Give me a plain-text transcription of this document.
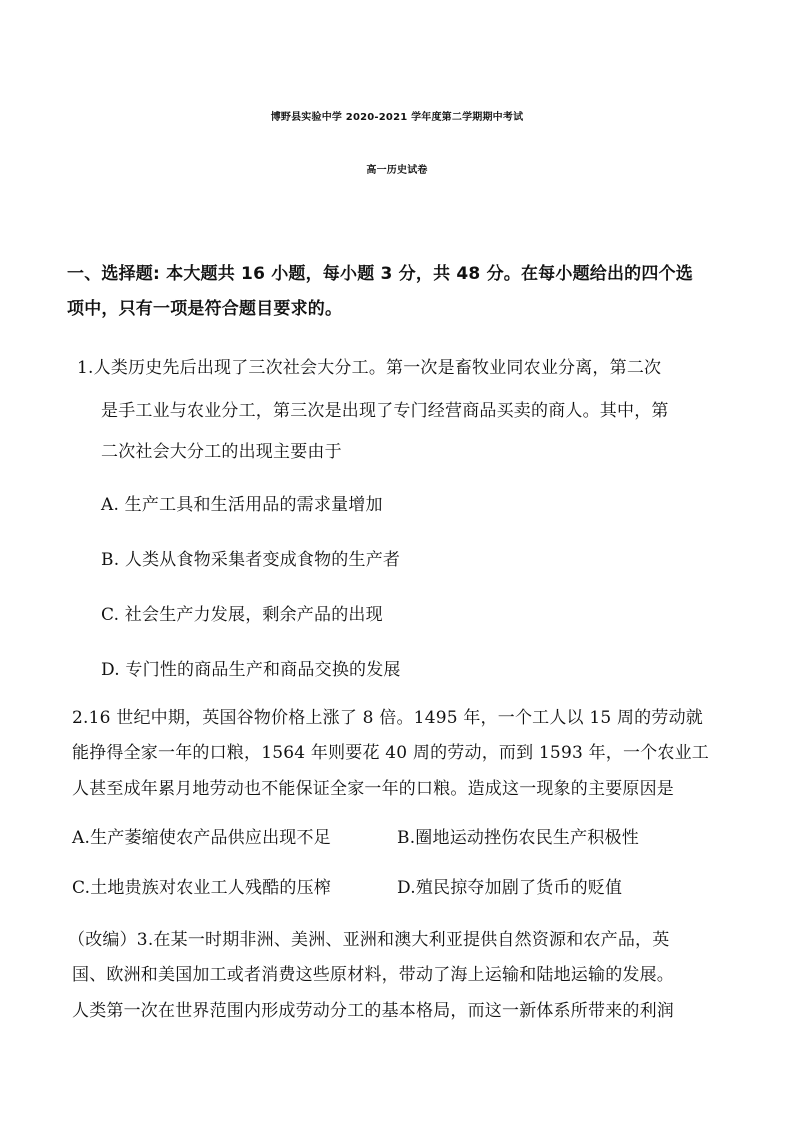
博野县实验中学 2020-2021 学年度第二学期期中考试
高一历史试卷
一、选择题: 本大题共 16 小题，每小题 3 分，共 48 分。在每小题给出的四个选
项中，只有一项是符合题目要求的。
1.人类历史先后出现了三次社会大分工。第一次是畜牧业同农业分离，第二次
是手工业与农业分工，第三次是出现了专门经营商品买卖的商人。其中，第
二次社会大分工的出现主要由于
A. 生产工具和生活用品的需求量增加
B. 人类从食物采集者变成食物的生产者
C. 社会生产力发展，剩余产品的出现
D. 专门性的商品生产和商品交换的发展
2.16 世纪中期，英国谷物价格上涨了 8 倍。1495 年，一个工人以 15 周的劳动就
能挣得全家一年的口粮，1564 年则要花 40 周的劳动，而到 1593 年，一个农业工
人甚至成年累月地劳动也不能保证全家一年的口粮。造成这一现象的主要原因是
A.生产萎缩使农产品供应出现不足	B.圈地运动挫伤农民生产积极性
C.土地贵族对农业工人残酷的压榨	D.殖民掠夺加剧了货币的贬值
（改编）3.在某一时期非洲、美洲、亚洲和澳大利亚提供自然资源和农产品，英
国、欧洲和美国加工或者消费这些原材料，带动了海上运输和陆地运输的发展。
人类第一次在世界范围内形成劳动分工的基本格局，而这一新体系所带来的利润
